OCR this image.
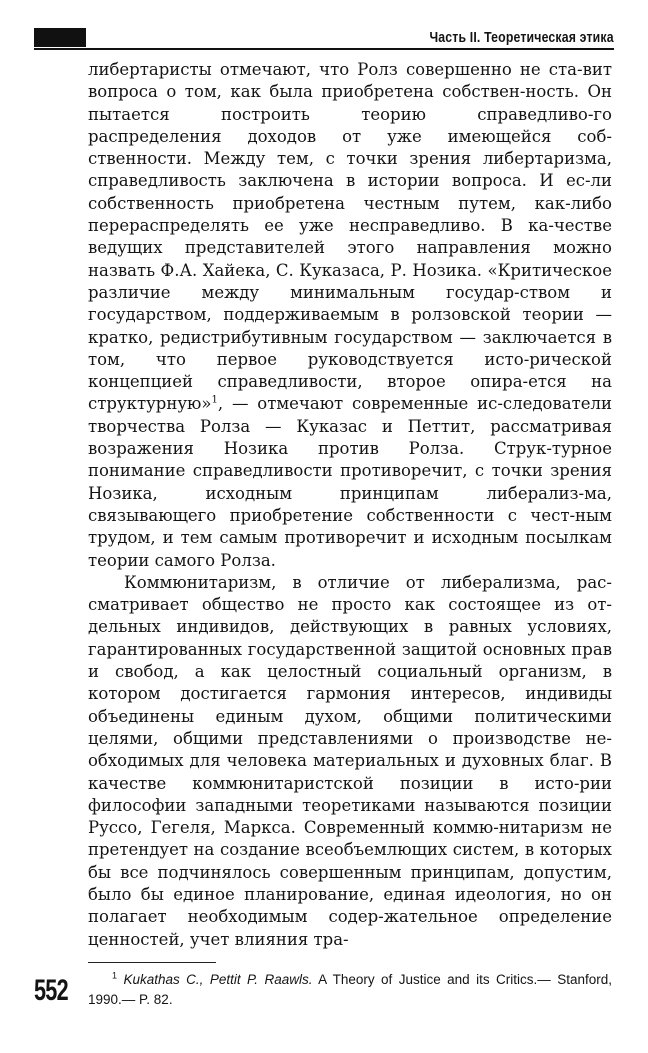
Часть II. Теоретическая этика

либертаристы отмечают, что Ролз совершенно не ста-вит вопроса о том, как была приобретена собствен-ность. Он пытается построить теорию справедливо-го распределения доходов от уже имеющейся соб-ственности. Между тем, с точки зрения либертаризма, справедливость заключена в истории вопроса. И ес-ли собственность приобретена честным путем, как-либо перераспределять ее уже несправедливо. В ка-честве ведущих представителей этого направления можно назвать Ф.А. Хайека, С. Куказаса, Р. Нозика. «Критическое различие между минимальным государ-ством и государством, поддерживаемым в ролзовской теории — кратко, редистрибутивным государством — заключается в том, что первое руководствуется исто-рической концепцией справедливости, второе опира-ется на структурную»$^1$, — отмечают современные ис-следователи творчества Ролза — Куказас и Петтит, рассматривая возражения Нозика против Ролза. Струк-турное понимание справедливости противоречит, с точки зрения Нозика, исходным принципам либерализ-ма, связывающего приобретение собственности с чест-ным трудом, и тем самым противоречит и исходным посылкам теории самого Ролза.

Коммюнитаризм, в отличие от либерализма, рас-сматривает общество не просто как состоящее из от-дельных индивидов, действующих в равных условиях, гарантированных государственной защитой основных прав и свобод, а как целостный социальный организм, в котором достигается гармония интересов, индивиды объединены единым духом, общими политическими целями, общими представлениями о производстве не-обходимых для человека материальных и духовных благ. В качестве коммюнитаристской позиции в исто-рии философии западными теоретиками называются позиции Руссо, Гегеля, Маркса. Современный коммю-нитаризм не претендует на создание всеобъемлющих систем, в которых бы все подчинялось совершенным принципам, допустим, было бы единое планирование, единая идеология, но он полагает необходимым содер-жательное определение ценностей, учет влияния тра-

$^1$ Kukathas C., Pettit P. Raawls. A Theory of Justice and its Critics.— Stanford, 1990.— P. 82.

552
